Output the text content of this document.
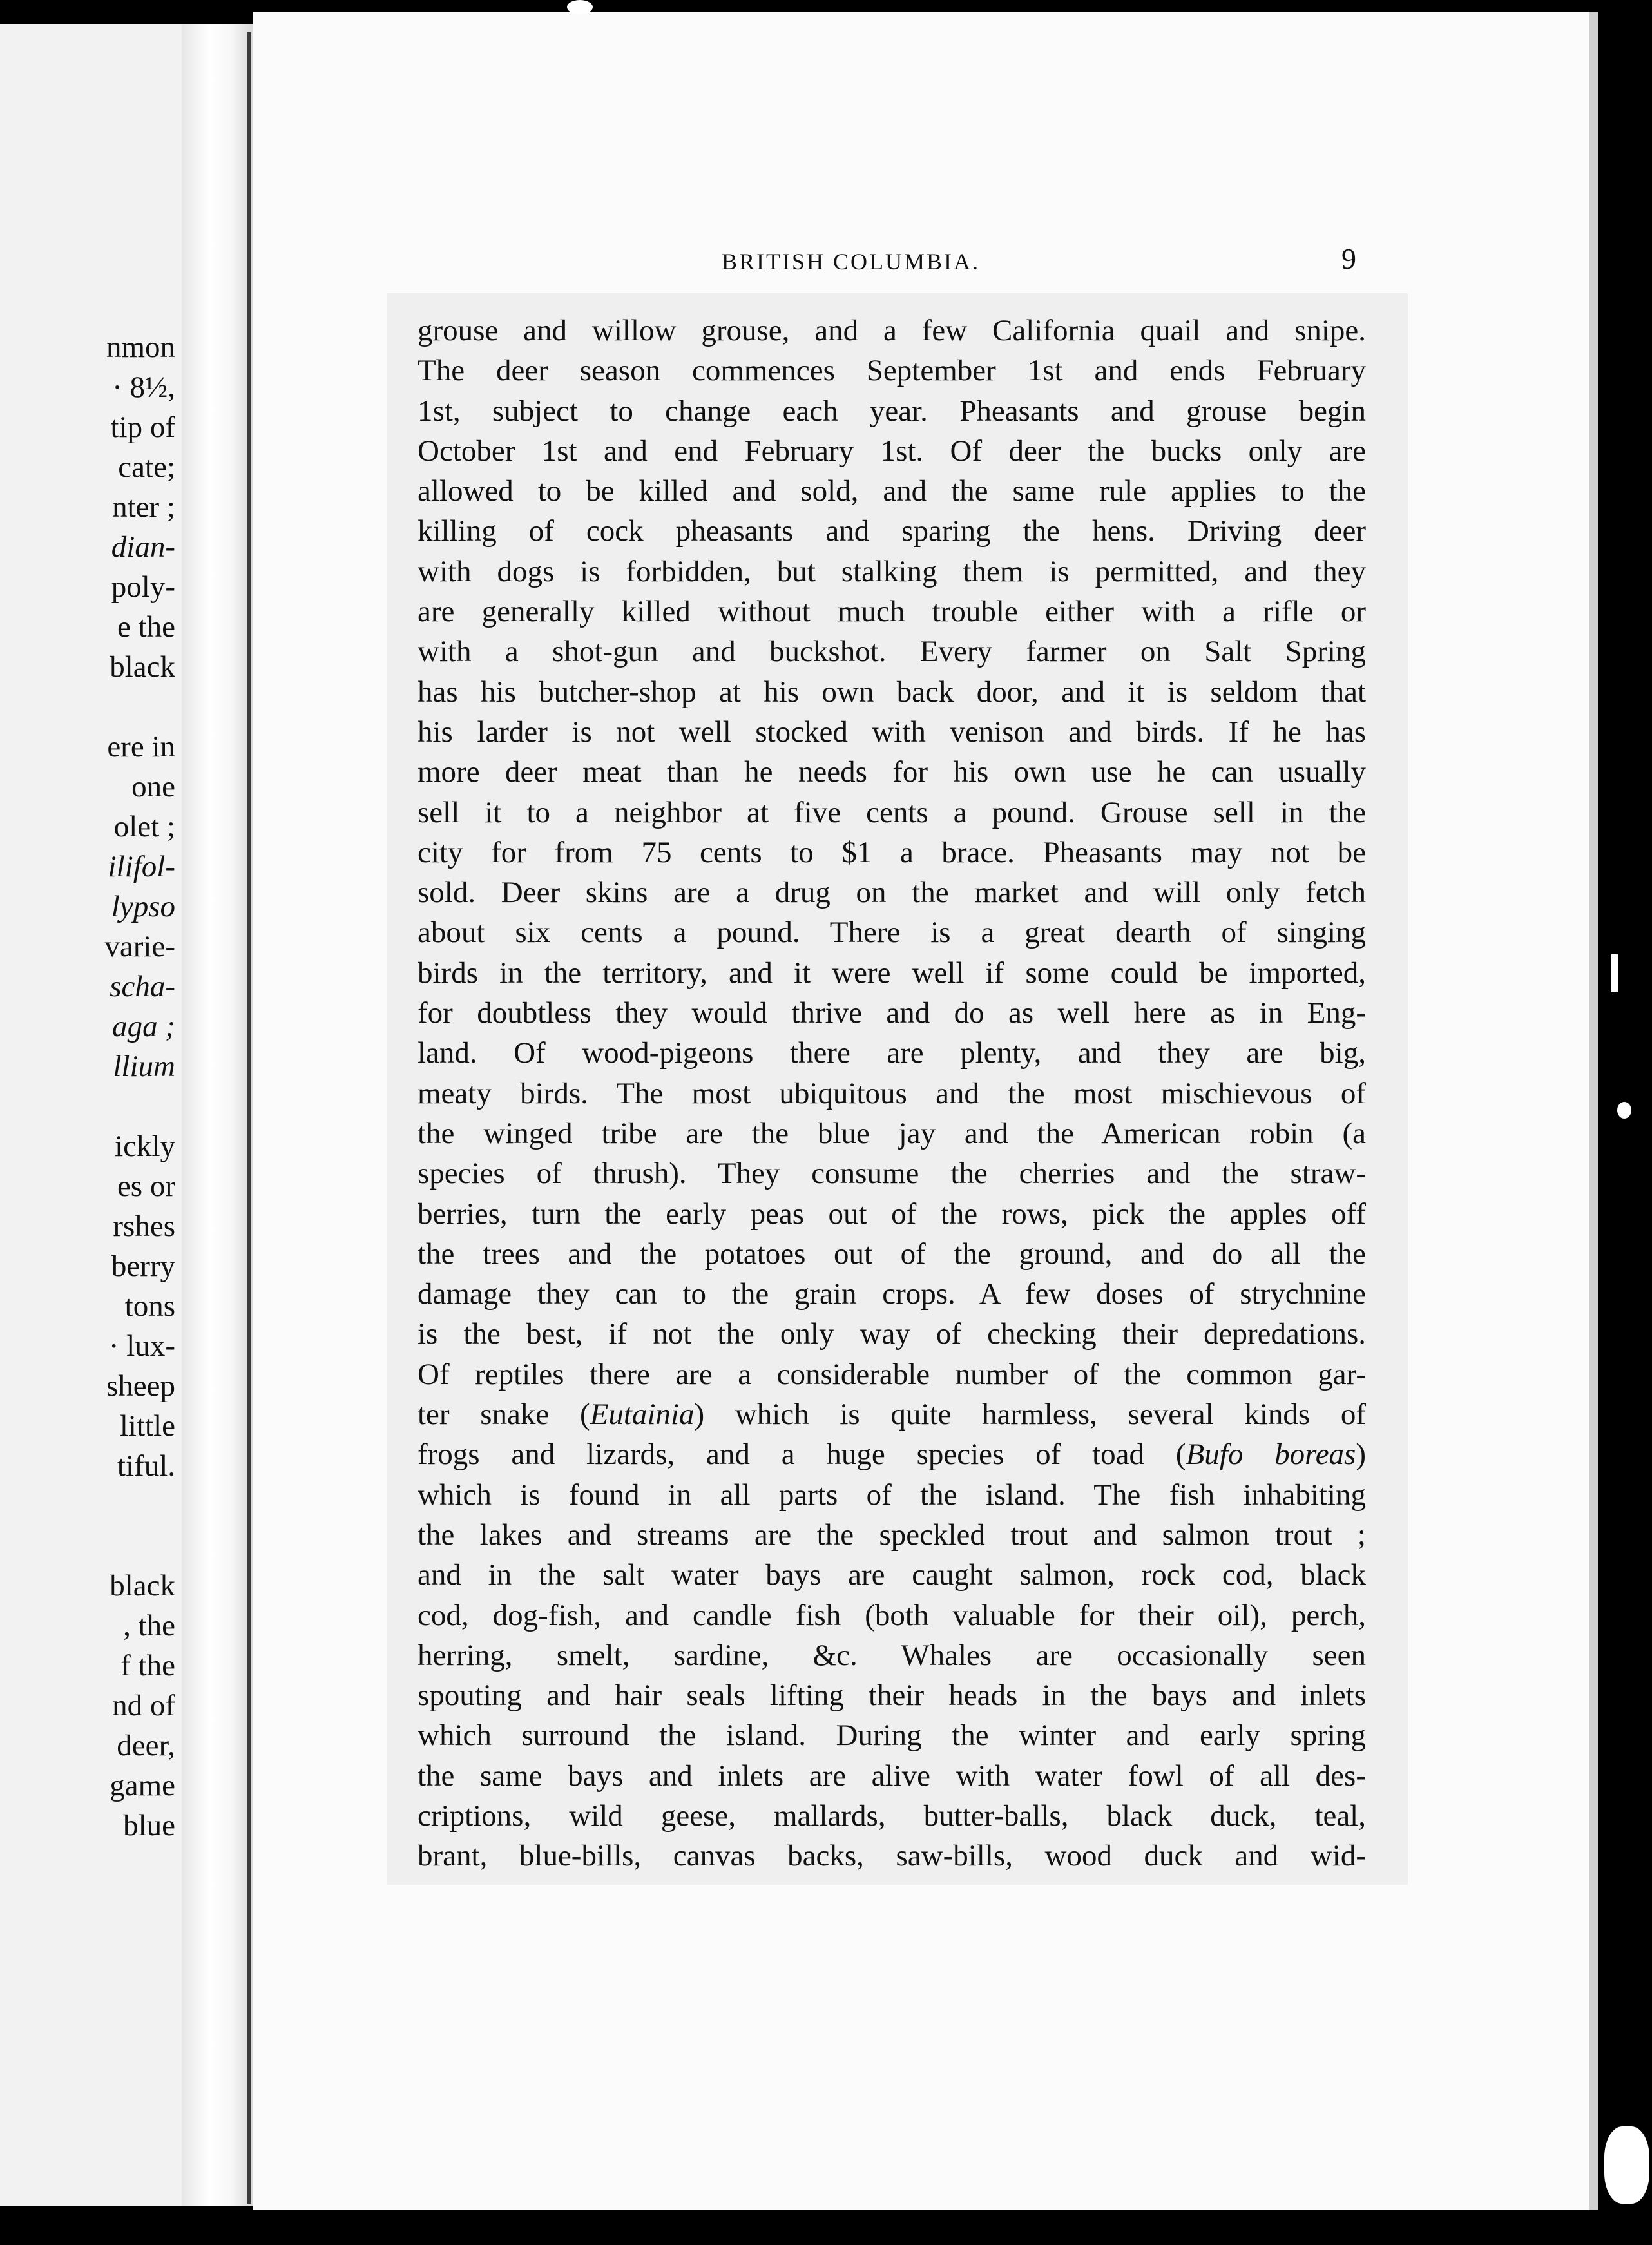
nmon
· 8½,
tip of
cate;
nter ;
dian-
poly-
e the
black

ere in
one
olet ;
ilifol-
lypso
varie-
scha-
aga ;
llium

ickly
es or
rshes
berry
tons
· lux-
sheep
little
tiful.

black
, the
f the
nd of
deer,
game
blue
BRITISH COLUMBIA.	9
grouse and willow grouse, and a few California quail and snipe.
The deer season commences September 1st and ends February
1st, subject to change each year. Pheasants and grouse begin
October 1st and end February 1st. Of deer the bucks only are
allowed to be killed and sold, and the same rule applies to the
killing of cock pheasants and sparing the hens. Driving deer
with dogs is forbidden, but stalking them is permitted, and they
are generally killed without much trouble either with a rifle or
with a shot-gun and buckshot. Every farmer on Salt Spring
has his butcher-shop at his own back door, and it is seldom that
his larder is not well stocked with venison and birds. If he has
more deer meat than he needs for his own use he can usually
sell it to a neighbor at five cents a pound. Grouse sell in the
city for from 75 cents to $1 a brace. Pheasants may not be
sold. Deer skins are a drug on the market and will only fetch
about six cents a pound. There is a great dearth of singing
birds in the territory, and it were well if some could be imported,
for doubtless they would thrive and do as well here as in Eng-
land. Of wood-pigeons there are plenty, and they are big,
meaty birds. The most ubiquitous and the most mischievous of
the winged tribe are the blue jay and the American robin (a
species of thrush). They consume the cherries and the straw-
berries, turn the early peas out of the rows, pick the apples off
the trees and the potatoes out of the ground, and do all the
damage they can to the grain crops. A few doses of strychnine
is the best, if not the only way of checking their depredations.
Of reptiles there are a considerable number of the common gar-
ter snake (Eutainia) which is quite harmless, several kinds of
frogs and lizards, and a huge species of toad (Bufo boreas)
which is found in all parts of the island. The fish inhabiting
the lakes and streams are the speckled trout and salmon trout ;
and in the salt water bays are caught salmon, rock cod, black
cod, dog-fish, and candle fish (both valuable for their oil), perch,
herring, smelt, sardine, &c. Whales are occasionally seen
spouting and hair seals lifting their heads in the bays and inlets
which surround the island. During the winter and early spring
the same bays and inlets are alive with water fowl of all des-
criptions, wild geese, mallards, butter-balls, black duck, teal,
brant, blue-bills, canvas backs, saw-bills, wood duck and wid-
